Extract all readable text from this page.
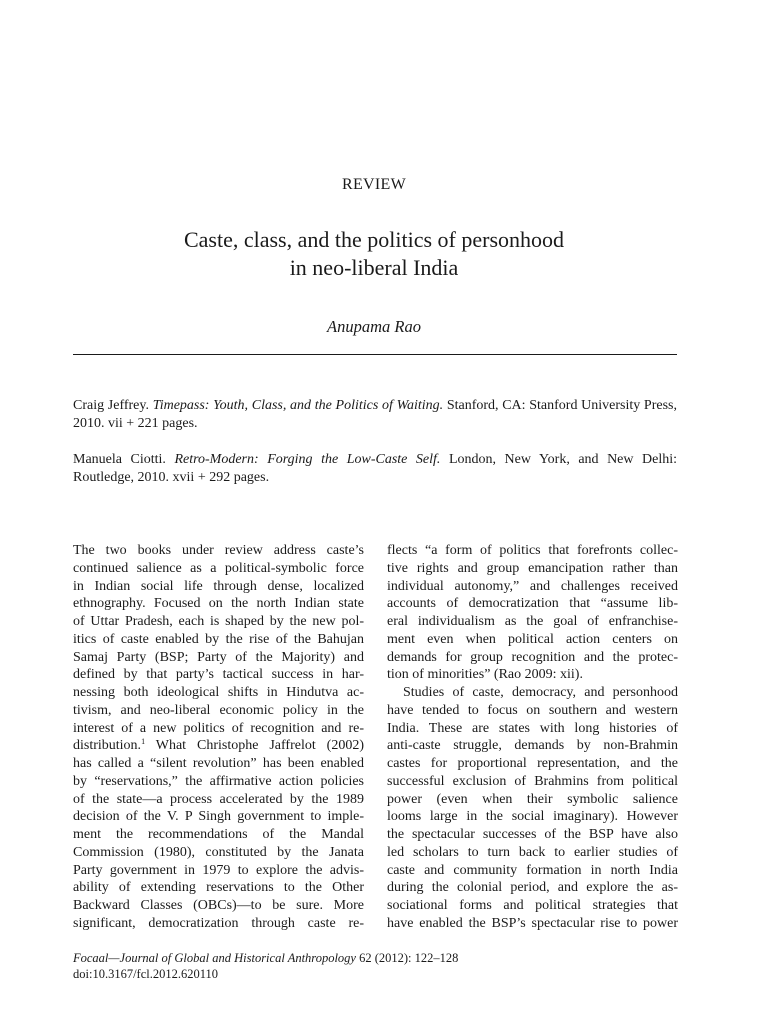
REVIEW
Caste, class, and the politics of personhood
in neo-liberal India
Anupama Rao
Craig Jeffrey. Timepass: Youth, Class, and the Politics of Waiting. Stanford, CA: Stanford University Press, 2010. vii + 221 pages.
Manuela Ciotti. Retro-Modern: Forging the Low-Caste Self. London, New York, and New Delhi: Routledge, 2010. xvii + 292 pages.
The two books under review address caste’s
continued salience as a political-symbolic force
in Indian social life through dense, localized
ethnography. Focused on the north Indian state
of Uttar Pradesh, each is shaped by the new pol-
itics of caste enabled by the rise of the Bahujan
Samaj Party (BSP; Party of the Majority) and
defined by that party’s tactical success in har-
nessing both ideological shifts in Hindutva ac-
tivism, and neo-liberal economic policy in the
interest of a new politics of recognition and re-
distribution.$^1$ What Christophe Jaffrelot (2002)
has called a “silent revolution” has been enabled
by “reservations,” the affirmative action policies
of the state—a process accelerated by the 1989
decision of the V. P Singh government to imple-
ment the recommendations of the Mandal
Commission (1980), constituted by the Janata
Party government in 1979 to explore the advis-
ability of extending reservations to the Other
Backward Classes (OBCs)—to be sure. More
significant, democratization through caste re-
flects “a form of politics that forefronts collec-
tive rights and group emancipation rather than
individual autonomy,” and challenges received
accounts of democratization that “assume lib-
eral individualism as the goal of enfranchise-
ment even when political action centers on
demands for group recognition and the protec-
tion of minorities” (Rao 2009: xii).
Studies of caste, democracy, and personhood
have tended to focus on southern and western
India. These are states with long histories of
anti-caste struggle, demands by non-Brahmin
castes for proportional representation, and the
successful exclusion of Brahmins from political
power (even when their symbolic salience
looms large in the social imaginary). However
the spectacular successes of the BSP have also
led scholars to turn back to earlier studies of
caste and community formation in north India
during the colonial period, and explore the as-
sociational forms and political strategies that
have enabled the BSP’s spectacular rise to power
Focaal—Journal of Global and Historical Anthropology 62 (2012): 122–128
doi:10.3167/fcl.2012.620110
